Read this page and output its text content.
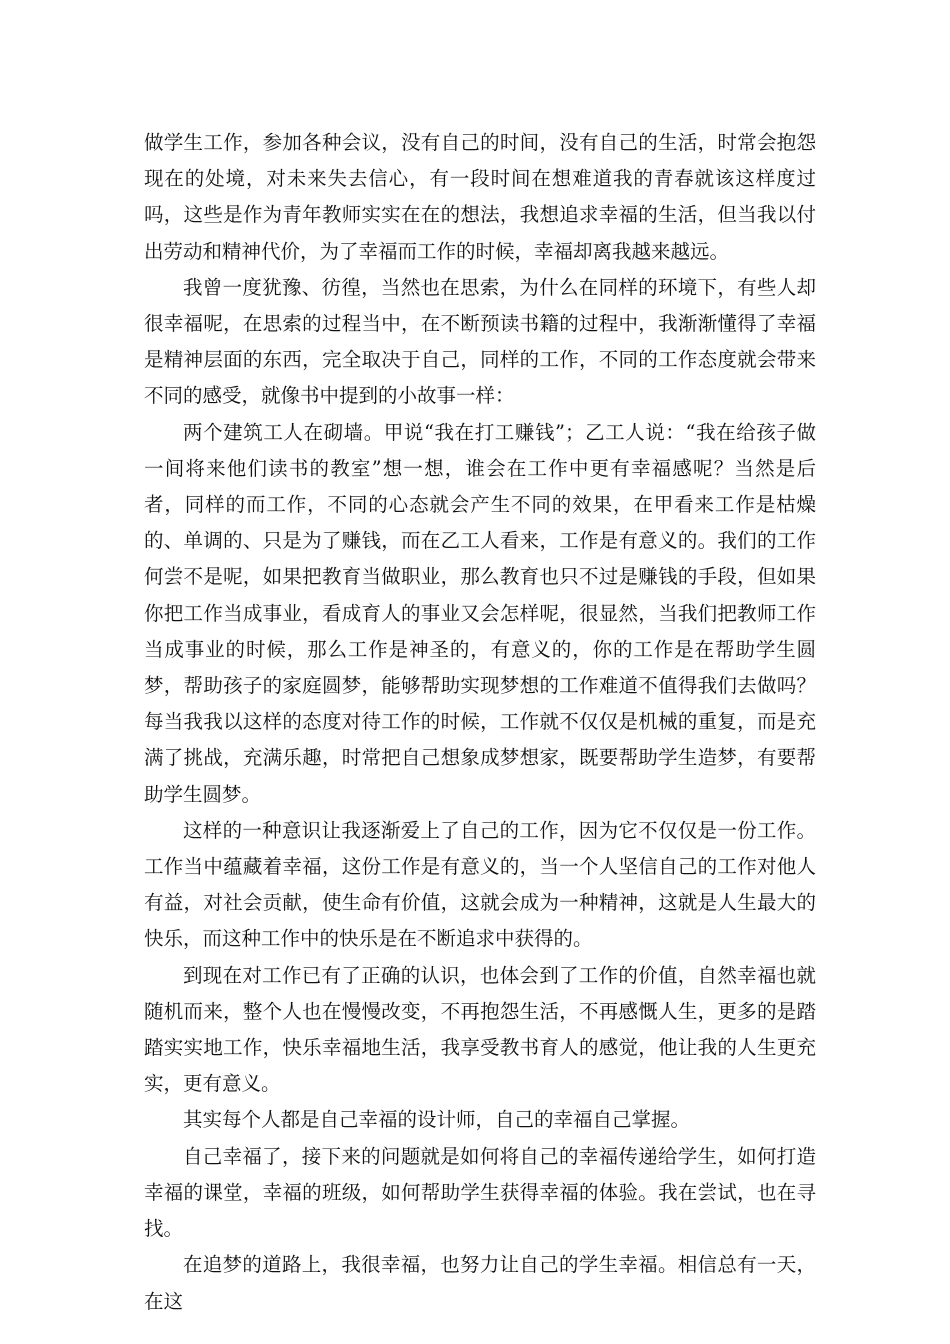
做学生工作，参加各种会议，没有自己的时间，没有自己的生活，时常会抱怨现在的处境，对未来失去信心，有一段时间在想难道我的青春就该这样度过吗，这些是作为青年教师实实在在的想法，我想追求幸福的生活，但当我以付出劳动和精神代价，为了幸福而工作的时候，幸福却离我越来越远。

我曾一度犹豫、彷徨，当然也在思索，为什么在同样的环境下，有些人却很幸福呢，在思索的过程当中，在不断预读书籍的过程中，我渐渐懂得了幸福是精神层面的东西，完全取决于自己，同样的工作，不同的工作态度就会带来不同的感受，就像书中提到的小故事一样：

两个建筑工人在砌墙。甲说“我在打工赚钱”；乙工人说：“我在给孩子做一间将来他们读书的教室”想一想，谁会在工作中更有幸福感呢？当然是后者，同样的而工作，不同的心态就会产生不同的效果，在甲看来工作是枯燥的、单调的、只是为了赚钱，而在乙工人看来，工作是有意义的。我们的工作何尝不是呢，如果把教育当做职业，那么教育也只不过是赚钱的手段，但如果你把工作当成事业，看成育人的事业又会怎样呢，很显然，当我们把教师工作当成事业的时候，那么工作是神圣的，有意义的，你的工作是在帮助学生圆梦，帮助孩子的家庭圆梦，能够帮助实现梦想的工作难道不值得我们去做吗？每当我我以这样的态度对待工作的时候，工作就不仅仅是机械的重复，而是充满了挑战，充满乐趣，时常把自己想象成梦想家，既要帮助学生造梦，有要帮助学生圆梦。

这样的一种意识让我逐渐爱上了自己的工作，因为它不仅仅是一份工作。工作当中蕴藏着幸福，这份工作是有意义的，当一个人坚信自己的工作对他人有益，对社会贡献，使生命有价值，这就会成为一种精神，这就是人生最大的快乐，而这种工作中的快乐是在不断追求中获得的。

到现在对工作已有了正确的认识，也体会到了工作的价值，自然幸福也就随机而来，整个人也在慢慢改变，不再抱怨生活，不再感慨人生，更多的是踏踏实实地工作，快乐幸福地生活，我享受教书育人的感觉，他让我的人生更充实，更有意义。

其实每个人都是自己幸福的设计师，自己的幸福自己掌握。

自己幸福了，接下来的问题就是如何将自己的幸福传递给学生，如何打造幸福的课堂，幸福的班级，如何帮助学生获得幸福的体验。我在尝试，也在寻找。

在追梦的道路上，我很幸福，也努力让自己的学生幸福。相信总有一天，在这
